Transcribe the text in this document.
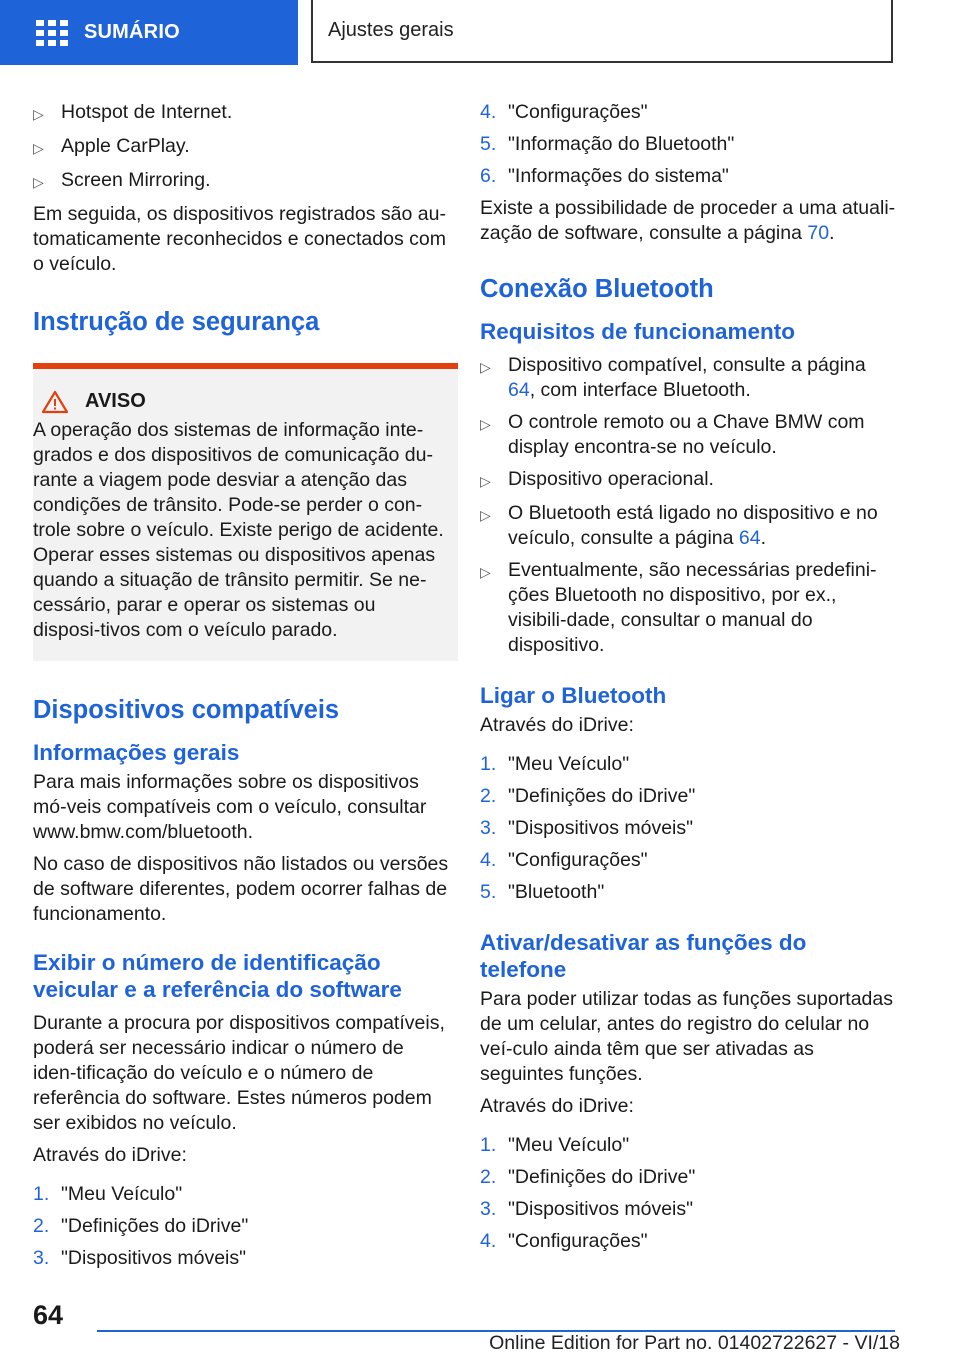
SUMÁRIO	Ajustes gerais
▷ Hotspot de Internet.
▷ Apple CarPlay.
▷ Screen Mirroring.

Em seguida, os dispositivos registrados são au-tomaticamente reconhecidos e conectados com o veículo.

Instrução de segurança
AVISO

A operação dos sistemas de informação inte-grados e dos dispositivos de comunicação du-rante a viagem pode desviar a atenção das condições de trânsito. Pode-se perder o con-trole sobre o veículo. Existe perigo de acidente. Operar esses sistemas ou dispositivos apenas quando a situação de trânsito permitir. Se ne-cessário, parar e operar os sistemas ou disposi-tivos com o veículo parado.

Dispositivos compatíveis
Informações gerais

Para mais informações sobre os dispositivos mó-veis compatíveis com o veículo, consultar www.bmw.com/bluetooth.

No caso de dispositivos não listados ou versões de software diferentes, podem ocorrer falhas de funcionamento.

Exibir o número de identificação veicular e a referência do software

Durante a procura por dispositivos compatíveis, poderá ser necessário indicar o número de iden-tificação do veículo e o número de referência do software. Estes números podem ser exibidos no veículo.

Através do iDrive:

1. "Meu Veículo"
2. "Definições do iDrive"
3. "Dispositivos móveis"
4. "Configurações"
5. "Informação do Bluetooth"
6. "Informações do sistema"

Existe a possibilidade de proceder a uma atuali-zação de software, consulte a página 70.

Conexão Bluetooth
Requisitos de funcionamento
▷ Dispositivo compatível, consulte a página 64, com interface Bluetooth.
▷ O controle remoto ou a Chave BMW com display encontra-se no veículo.
▷ Dispositivo operacional.
▷ O Bluetooth está ligado no dispositivo e no veículo, consulte a página 64.
▷ Eventualmente, são necessárias predefini-ções Bluetooth no dispositivo, por ex., visibili-dade, consultar o manual do dispositivo.
Ligar o Bluetooth

Através do iDrive:

1. "Meu Veículo"
2. "Definições do iDrive"
3. "Dispositivos móveis"
4. "Configurações"
5. "Bluetooth"
Ativar/desativar as funções do telefone

Para poder utilizar todas as funções suportadas de um celular, antes do registro do celular no veí-culo ainda têm que ser ativadas as seguintes funções.

Através do iDrive:

1. "Meu Veículo"
2. "Definições do iDrive"
3. "Dispositivos móveis"
4. "Configurações"
64
Online Edition for Part no. 01402722627 - VI/18
